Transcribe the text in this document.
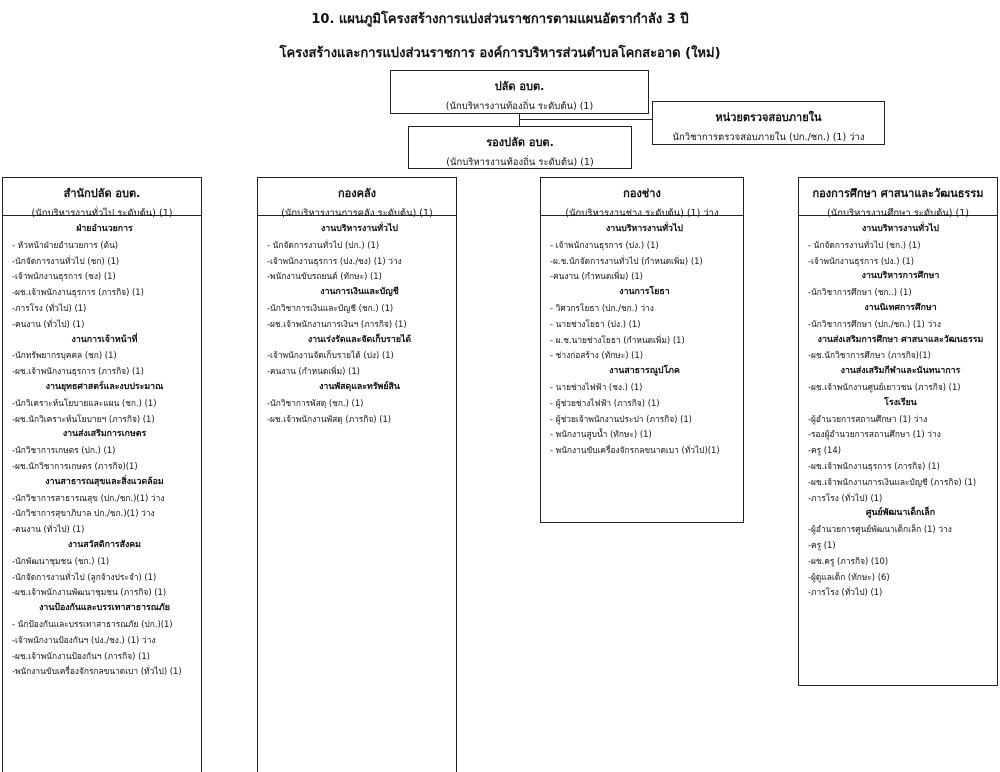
10. แผนภูมิโครงสร้างการแบ่งส่วนราชการตามแผนอัตรากำลัง 3 ปี
โครงสร้างและการแบ่งส่วนราชการ องค์การบริหารส่วนตำบลโคกสะอาด (ใหม่)
ปลัด อบต.
(นักบริหารงานท้องถิ่น ระดับต้น) (1)
หน่วยตรวจสอบภายใน
นักวิชาการตรวจสอบภายใน (ปก./ชก.) (1) ว่าง
รองปลัด อบต.
(นักบริหารงานท้องถิ่น ระดับต้น) (1)
สำนักปลัด อบต.
(นักบริหารงานทั่วไป ระดับต้น) (1)
ฝ่ายอำนวยการ
- หัวหน้าฝ่ายอำนวยการ (ต้น)
-นักจัดการงานทั่วไป (ชก) (1)
-เจ้าพนักงานธุรการ (ชง) (1)
-ผช.เจ้าพนักงานธุรการ (ภารกิจ) (1)
-ภารโรง (ทั่วไป) (1)
-คนงาน (ทั่วไป) (1)
งานการเจ้าหน้าที่
-นักทรัพยากรบุคคล (ชก) (1)
-ผช.เจ้าพนักงานธุรการ (ภารกิจ) (1)
งานยุทธศาสตร์และงบประมาณ
-นักวิเคราะห์นโยบายและแผน (ชก.) (1)
-ผช.นักวิเคราะห์นโยบายฯ (ภารกิจ) (1)
งานส่งเสริมการเกษตร
-นักวิชาการเกษตร (ปก.) (1)
-ผช.นักวิชาการเกษตร (ภารกิจ)(1)
งานสาธารณสุขและสิ่งแวดล้อม
-นักวิชาการสาธารณสุข (ปก./ชก.)(1) ว่าง
-นักวิชาการสุขาภิบาล ปก./ชก.)(1) ว่าง
-คนงาน (ทั่วไป) (1)
งานสวัสดิการสังคม
-นักพัฒนาชุมชน (ชก.) (1)
-นักจัดการงานทั่วไป (ลูกจ้างประจำ) (1)
-ผช.เจ้าพนักงานพัฒนาชุมชน (ภารกิจ) (1)
งานป้องกันและบรรเทาสาธารณภัย
- นักป้องกันและบรรเทาสาธารณภัย (ปก.)(1)
-เจ้าพนักงานป้องกันฯ (ปง./ชง.) (1) ว่าง
-ผช.เจ้าพนักงานป้องกันฯ (ภารกิจ) (1)
-พนักงานขับเครื่องจักรกลขนาดเบา (ทั่วไป) (1)
กองคลัง
(นักบริหารงานการคลัง ระดับต้น) (1)
งานบริหารงานทั่วไป
- นักจัดการงานทั่วไป (ปก.) (1)
-เจ้าพนักงานธุรการ (ปง./ชง) (1) ว่าง
-พนักงานขับรถยนต์ (ทักษะ) (1)
งานการเงินและบัญชี
-นักวิชาการเงินและบัญชี (ชก.) (1)
-ผช.เจ้าพนักงานการเงินฯ (ภารกิจ) (1)
งานเร่งรัดและจัดเก็บรายได้
-เจ้าพนักงานจัดเก็บรายได้ (ปง) (1)
-คนงาน (กำหนดเพิ่ม) (1)
งานพัสดุและทรัพย์สิน
-นักวิชาการพัสดุ (ชก.) (1)
-ผช.เจ้าพนักงานพัสดุ (ภารกิจ) (1)
กองช่าง
(นักบริหารงานช่าง ระดับต้น) (1) ว่าง
งานบริหารงานทั่วไป
- เจ้าพนักงานธุรการ (ปง.) (1)
-ผ.ช.นักจัดการงานทั่วไป (กำหนดเพิ่ม) (1)
-คนงาน (กำหนดเพิ่ม) (1)
งานการโยธา
- วิศวกรโยธา (ปก./ชก.) ว่าง
- นายช่างโยธา (ปง.) (1)
- ผ.ช.นายช่างโยธา (กำหนดเพิ่ม) (1)
- ช่างก่อสร้าง (ทักษะ) (1)
งานสาธารณูปโภค
- นายช่างไฟฟ้า (ชง.) (1)
- ผู้ช่วยช่างไฟฟ้า (ภารกิจ) (1)
- ผู้ช่วยเจ้าพนักงานประปา (ภารกิจ) (1)
- พนักงานสูบน้ำ (ทักษะ) (1)
- พนักงานขับเครื่องจักรกลขนาดเบา (ทั่วไป)(1)
กองการศึกษา ศาสนาและวัฒนธรรม
(นักบริหารงานศึกษา ระดับต้น) (1)
งานบริหารงานทั่วไป
- นักจัดการงานทั่วไป (ชก.) (1)
-เจ้าพนักงานธุรการ (ปง.) (1)
งานบริหารการศึกษา
-นักวิชาการศึกษา (ชก..) (1)
งานนิเทศการศึกษา
-นักวิชาการศึกษา (ปก./ชก.) (1) ว่าง
งานส่งเสริมการศึกษา ศาสนาและวัฒนธรรม
-ผช.นักวิชาการศึกษา (ภารกิจ)(1)
งานส่งเสริมกีฬาและนันทนาการ
-ผช.เจ้าพนักงานศูนย์เยาวชน (ภารกิจ) (1)
โรงเรียน
-ผู้อำนวยการสถานศึกษา (1) ว่าง
-รองผู้อำนวยการสถานศึกษา (1) ว่าง
-ครู (14)
-ผช.เจ้าพนักงานธุรการ (ภารกิจ) (1)
-ผช.เจ้าพนักงานการเงินและบัญชี (ภารกิจ) (1)
-ภารโรง (ทั่วไป) (1)
ศูนย์พัฒนาเด็กเล็ก
-ผู้อำนวยการศูนย์พัฒนาเด็กเล็ก (1) ว่าง
-ครู (1)
-ผช.ครู (ภารกิจ) (10)
-ผู้ดูแลเด็ก (ทักษะ) (6)
-ภารโรง (ทั่วไป) (1)
